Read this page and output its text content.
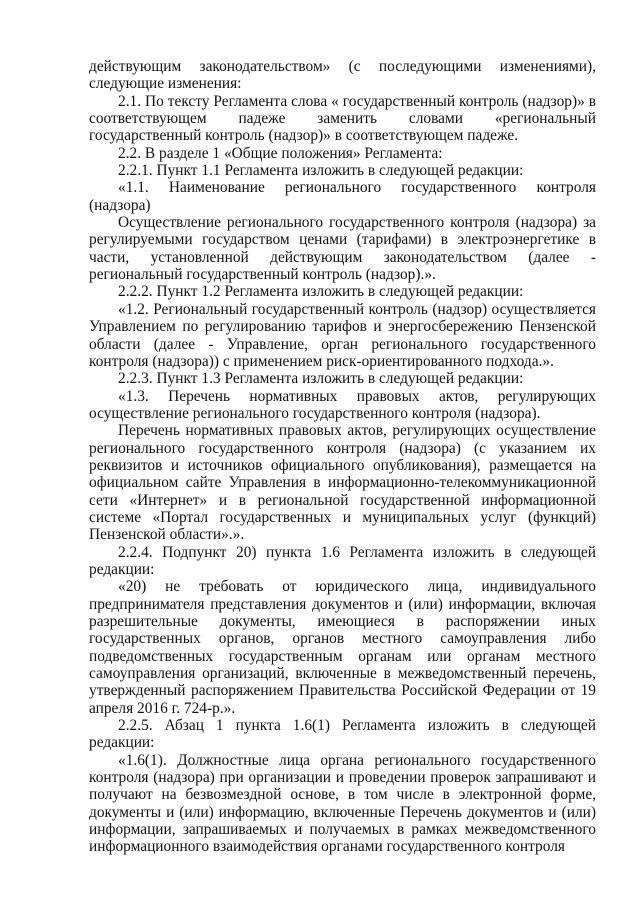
действующим законодательством» (с последующими изменениями), следующие изменения:

2.1. По тексту Регламента слова « государственный контроль (надзор)» в соответствующем падеже заменить словами «региональный государственный контроль (надзор)» в соответствующем падеже.

2.2. В разделе 1 «Общие положения» Регламента:

2.2.1. Пункт 1.1 Регламента изложить в следующей редакции:

«1.1. Наименование регионального государственного контроля (надзора)

Осуществление регионального государственного контроля (надзора) за регулируемыми государством ценами (тарифами) в электроэнергетике в части, установленной действующим законодательством (далее - региональный государственный контроль (надзор).».

2.2.2. Пункт 1.2 Регламента изложить в следующей редакции:

«1.2. Региональный государственный контроль (надзор) осуществляется Управлением по регулированию тарифов и энергосбережению Пензенской области (далее - Управление, орган регионального государственного контроля (надзора)) с применением риск-ориентированного подхода.».

2.2.3. Пункт 1.3 Регламента изложить в следующей редакции:

«1.3. Перечень нормативных правовых актов, регулирующих осуществление регионального государственного контроля (надзора).

Перечень нормативных правовых актов, регулирующих осуществление регионального государственного контроля (надзора) (с указанием их реквизитов и источников официального опубликования), размещается на официальном сайте Управления в информационно-телекоммуникационной сети «Интернет» и в региональной государственной информационной системе «Портал государственных и муниципальных услуг (функций) Пензенской области».».

2.2.4. Подпункт 20) пункта 1.6 Регламента изложить в следующей редакции:

«20) не требовать от юридического лица, индивидуального предпринимателя представления документов и (или) информации, включая разрешительные документы, имеющиеся в распоряжении иных государственных органов, органов местного самоуправления либо подведомственных государственным органам или органам местного самоуправления организаций, включенные в межведомственный перечень, утвержденный распоряжением Правительства Российской Федерации от 19 апреля 2016 г. 724-р.».

2.2.5. Абзац 1 пункта 1.6(1) Регламента изложить в следующей редакции:

«1.6(1). Должностные лица органа регионального государственного контроля (надзора) при организации и проведении проверок запрашивают и получают на безвозмездной основе, в том числе в электронной форме, документы и (или) информацию, включенные Перечень документов и (или) информации, запрашиваемых и получаемых в рамках межведомственного информационного взаимодействия органами государственного контроля
